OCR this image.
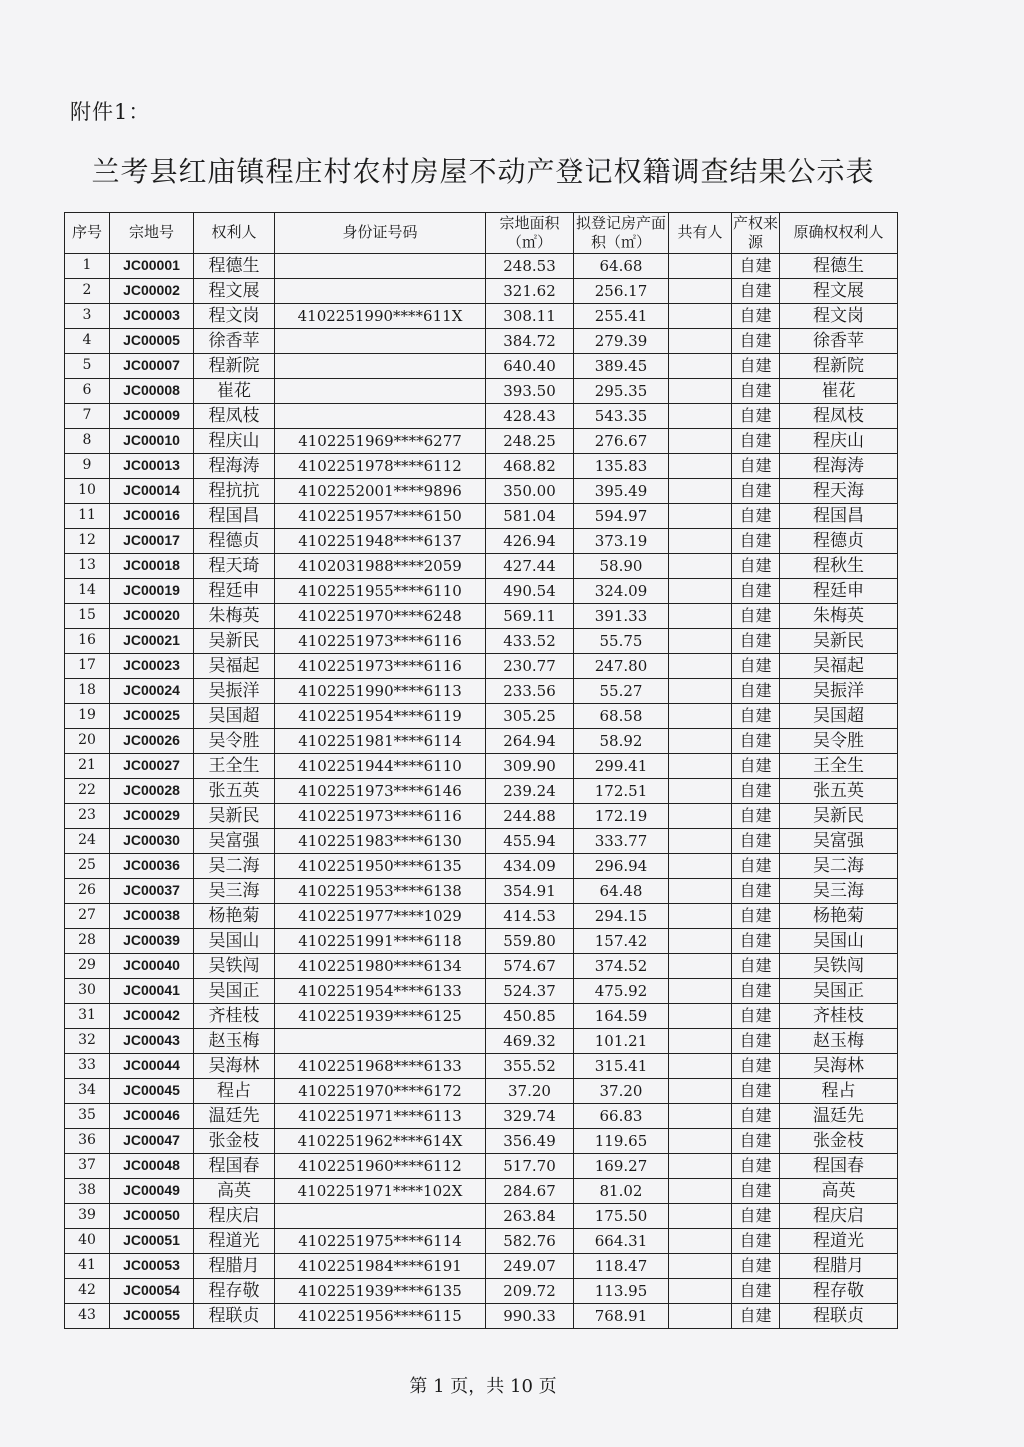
附件1：
兰考县红庙镇程庄村农村房屋不动产登记权籍调查结果公示表
序号	宗地号	权利人	身份证号码	宗地面积（㎡）	拟登记房产面积（㎡）	共有人	产权来源	原确权权利人
1	JC00001	程德生		248.53	64.68		自建	程德生
2	JC00002	程文展		321.62	256.17		自建	程文展
3	JC00003	程文岗	4102251990****611X	308.11	255.41		自建	程文岗
4	JC00005	徐香苹		384.72	279.39		自建	徐香苹
5	JC00007	程新院		640.40	389.45		自建	程新院
6	JC00008	崔花		393.50	295.35		自建	崔花
7	JC00009	程凤枝		428.43	543.35		自建	程凤枝
8	JC00010	程庆山	4102251969****6277	248.25	276.67		自建	程庆山
9	JC00013	程海涛	4102251978****6112	468.82	135.83		自建	程海涛
10	JC00014	程抗抗	4102252001****9896	350.00	395.49		自建	程天海
11	JC00016	程国昌	4102251957****6150	581.04	594.97		自建	程国昌
12	JC00017	程德贞	4102251948****6137	426.94	373.19		自建	程德贞
13	JC00018	程天琦	4102031988****2059	427.44	58.90		自建	程秋生
14	JC00019	程廷申	4102251955****6110	490.54	324.09		自建	程廷申
15	JC00020	朱梅英	4102251970****6248	569.11	391.33		自建	朱梅英
16	JC00021	吴新民	4102251973****6116	433.52	55.75		自建	吴新民
17	JC00023	吴福起	4102251973****6116	230.77	247.80		自建	吴福起
18	JC00024	吴振洋	4102251990****6113	233.56	55.27		自建	吴振洋
19	JC00025	吴国超	4102251954****6119	305.25	68.58		自建	吴国超
20	JC00026	吴令胜	4102251981****6114	264.94	58.92		自建	吴令胜
21	JC00027	王全生	4102251944****6110	309.90	299.41		自建	王全生
22	JC00028	张五英	4102251973****6146	239.24	172.51		自建	张五英
23	JC00029	吴新民	4102251973****6116	244.88	172.19		自建	吴新民
24	JC00030	吴富强	4102251983****6130	455.94	333.77		自建	吴富强
25	JC00036	吴二海	4102251950****6135	434.09	296.94		自建	吴二海
26	JC00037	吴三海	4102251953****6138	354.91	64.48		自建	吴三海
27	JC00038	杨艳菊	4102251977****1029	414.53	294.15		自建	杨艳菊
28	JC00039	吴国山	4102251991****6118	559.80	157.42		自建	吴国山
29	JC00040	吴铁闯	4102251980****6134	574.67	374.52		自建	吴铁闯
30	JC00041	吴国正	4102251954****6133	524.37	475.92		自建	吴国正
31	JC00042	齐桂枝	4102251939****6125	450.85	164.59		自建	齐桂枝
32	JC00043	赵玉梅		469.32	101.21		自建	赵玉梅
33	JC00044	吴海林	4102251968****6133	355.52	315.41		自建	吴海林
34	JC00045	程占	4102251970****6172	37.20	37.20		自建	程占
35	JC00046	温廷先	4102251971****6113	329.74	66.83		自建	温廷先
36	JC00047	张金枝	4102251962****614X	356.49	119.65		自建	张金枝
37	JC00048	程国春	4102251960****6112	517.70	169.27		自建	程国春
38	JC00049	高英	4102251971****102X	284.67	81.02		自建	高英
39	JC00050	程庆启		263.84	175.50		自建	程庆启
40	JC00051	程道光	4102251975****6114	582.76	664.31		自建	程道光
41	JC00053	程腊月	4102251984****6191	249.07	118.47		自建	程腊月
42	JC00054	程存敬	4102251939****6135	209.72	113.95		自建	程存敬
43	JC00055	程联贞	4102251956****6115	990.33	768.91		自建	程联贞
第 1 页，共 10 页
